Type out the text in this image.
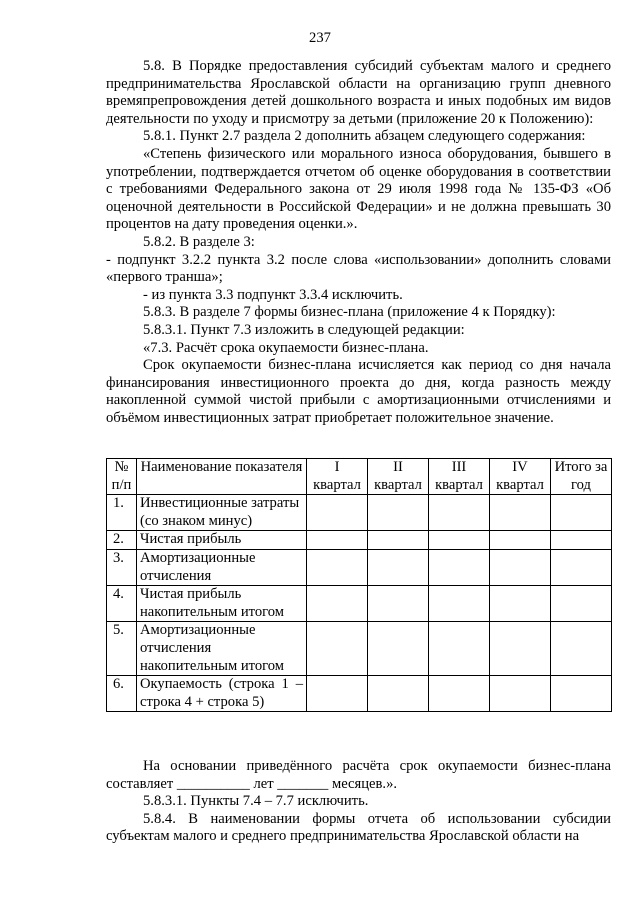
237

5.8. В Порядке предоставления субсидий субъектам малого и среднего предпринимательства Ярославской области на организацию групп дневного времяпрепровождения детей дошкольного возраста и иных подобных им видов деятельности по уходу и присмотру за детьми (приложение 20 к Положению):

5.8.1. Пункт 2.7 раздела 2 дополнить абзацем следующего содержания:

«Степень физического или морального износа оборудования, бывшего в употреблении, подтверждается отчетом об оценке оборудования в соответствии с требованиями Федерального закона от 29 июля 1998 года № 135-ФЗ «Об оценочной деятельности в Российской Федерации» и не должна превышать 30 процентов на дату проведения оценки.».

5.8.2. В разделе 3:

- подпункт 3.2.2 пункта 3.2 после слова «использовании» дополнить словами «первого транша»;

- из пункта 3.3 подпункт 3.3.4 исключить.

5.8.3. В разделе 7 формы бизнес-плана (приложение 4 к Порядку):

5.8.3.1. Пункт 7.3 изложить в следующей редакции:

«7.3. Расчёт срока окупаемости бизнес-плана.

Срок окупаемости бизнес-плана исчисляется как период со дня начала финансирования инвестиционного проекта до дня, когда разность между накопленной суммой чистой прибыли с амортизационными отчислениями и объёмом инвестиционных затрат приобретает положительное значение.

№ п/п	Наименование показателя	I квартал	II квартал	III квартал	IV квартал	Итого за год
1.	Инвестиционные затраты (со знаком минус)					
2.	Чистая прибыль					
3.	Амортизационные отчисления					
4.	Чистая прибыль накопительным итогом					
5.	Амортизационные отчисления накопительным итогом					
6.	Окупаемость (строка 1 – строка 4 + строка 5)					

На основании приведённого расчёта срок окупаемости бизнес-плана составляет __________ лет _______ месяцев.».

5.8.3.1. Пункты 7.4 – 7.7 исключить.

5.8.4. В наименовании формы отчета об использовании субсидии субъектам малого и среднего предпринимательства Ярославской области на
